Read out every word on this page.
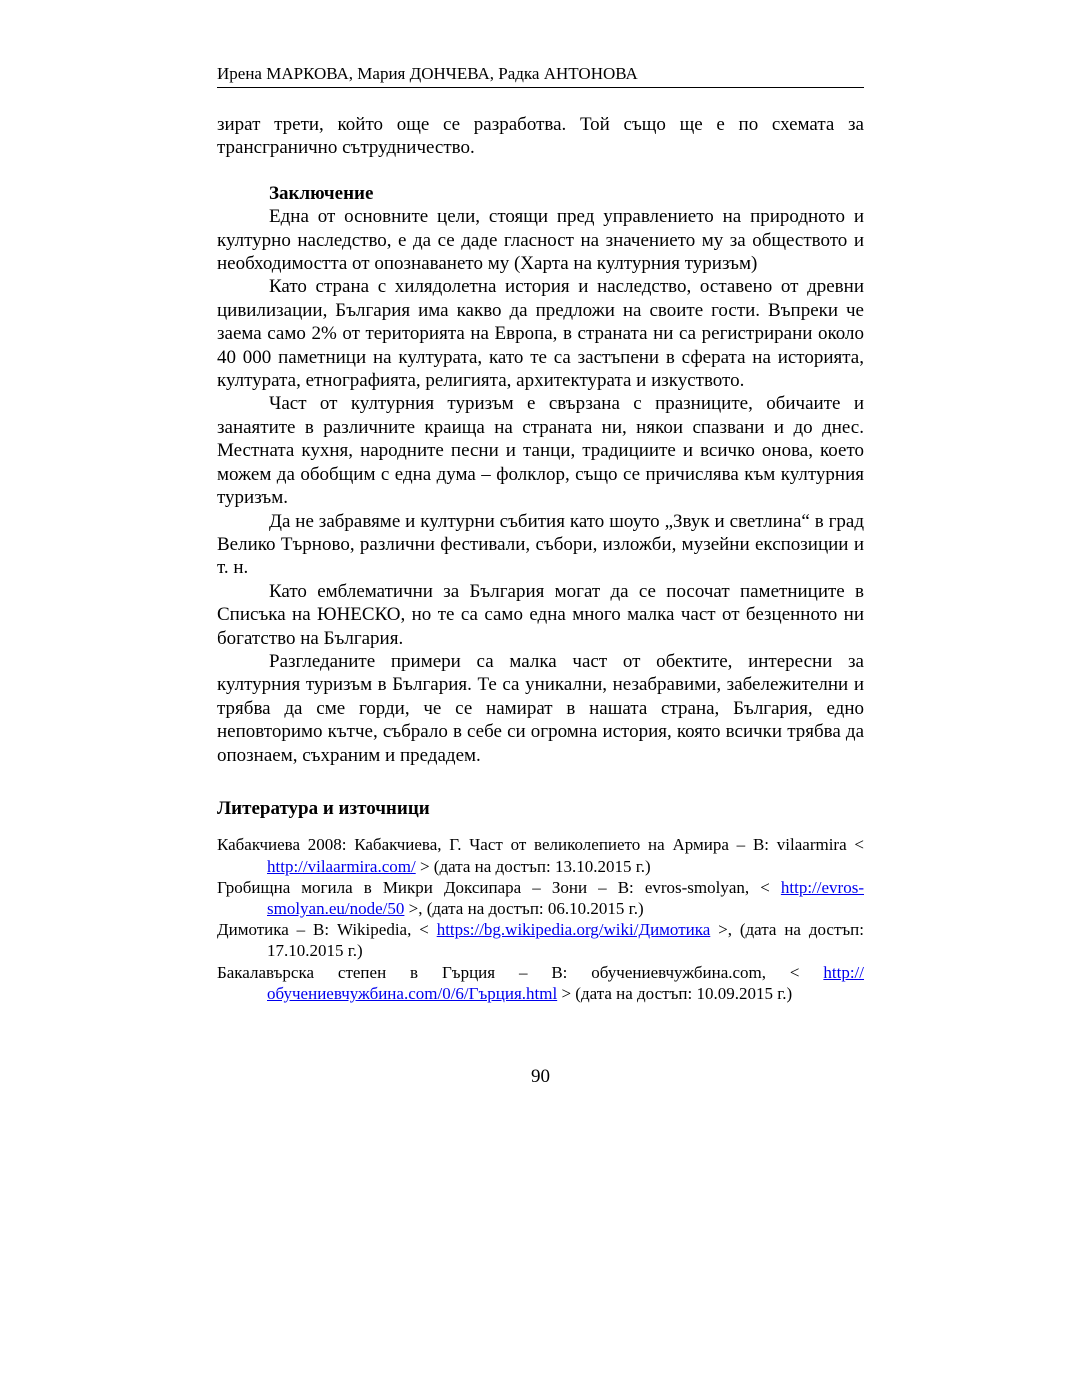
Ирена МАРКОВА, Мария ДОНЧЕВА, Радка АНТОНОВА

зират трети, който още се разработва. Той също ще е по схемата за трансгранично сътрудничество.

Заключение

Една от основните цели, стоящи пред управлението на природното и културно наследство, е да се даде гласност на значението му за обществото и необходимостта от опознаването му (Харта на културния туризъм)

Като страна с хилядолетна история и наследство, оставено от древни цивилизации, България има какво да предложи на своите гости. Въпреки че заема само 2% от територията на Европа, в страната ни са регистрирани около 40 000 паметници на културата, като те са застъпени в сферата на историята, културата, етнографията, религията, архитектурата и изкуството.

Част от културния туризъм е свързана с празниците, обичаите и занаятите в различните краища на страната ни, някои спазвани и до днес. Местната кухня, народните песни и танци, традициите и всичко онова, което можем да обобщим с една дума – фолклор, също се причислява към културния туризъм.

Да не забравяме и културни събития като шоуто „Звук и светлина“ в град Велико Търново, различни фестивали, събори, изложби, музейни експозиции и т. н.

Като емблематични за България могат да се посочат паметниците в Списъка на ЮНЕСКО, но те са само една много малка част от безценното ни богатство на България.

Разгледаните примери са малка част от обектите, интересни за културния туризъм в България. Те са уникални, незабравими, забележителни и трябва да сме горди, че се намират в нашата страна, България, едно неповторимо кътче, събрало в себе си огромна история, която всички трябва да опознаем, съхраним и предадем.

Литература и източници

Кабакчиева 2008: Кабакчиева, Г. Част от великолепието на Армира – В: vilaarmira < http://vilaarmira.com/ > (дата на достъп: 13.10.2015 г.)

Гробищна могила в Микри Доксипара – Зони – В: evros-smolyan, < http://evros-smolyan.eu/node/50 >, (дата на достъп: 06.10.2015 г.)

Димотика – В: Wikipedia, < https://bg.wikipedia.org/wiki/Димотика >, (дата на достъп: 17.10.2015 г.)

Бакалавърска степен в Гърция – В: обучениевчужбина.com, < http://обучениевчужбина.com/0/6/Гърция.html > (дата на достъп: 10.09.2015 г.)

90
